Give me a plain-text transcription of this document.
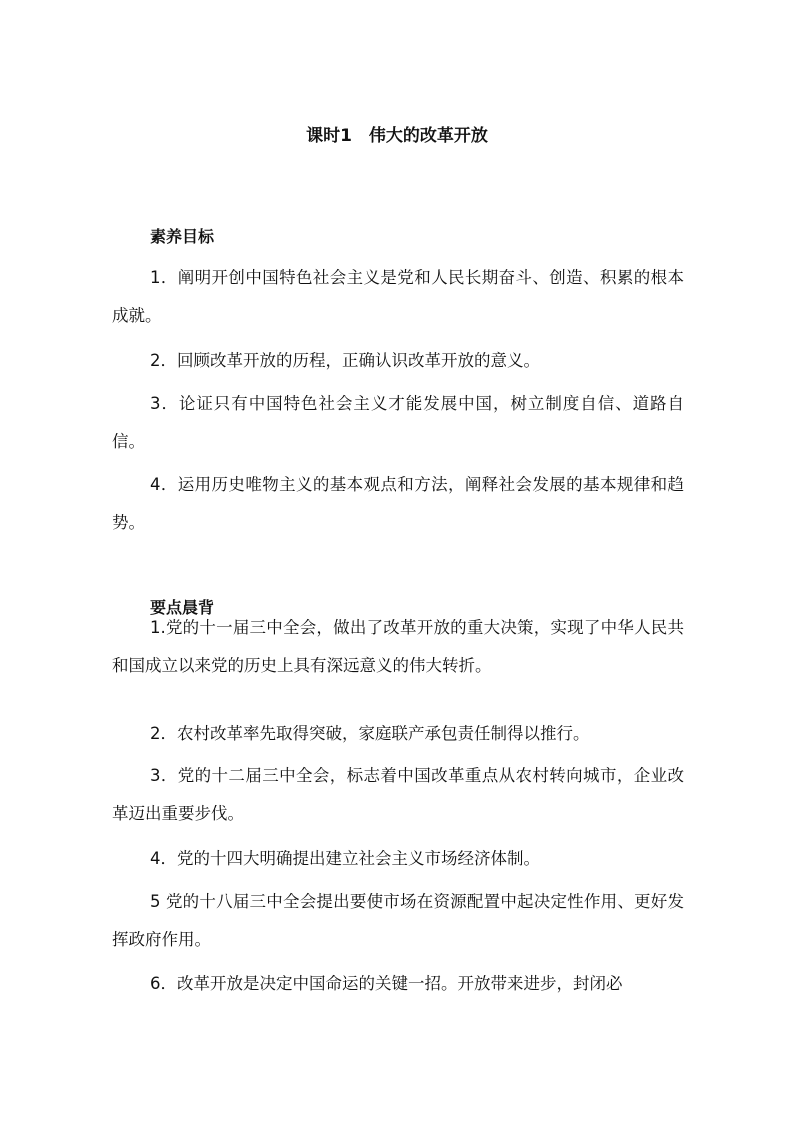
课时1　伟大的改革开放
素养目标
1．阐明开创中国特色社会主义是党和人民长期奋斗、创造、积累的根本成就。
2．回顾改革开放的历程，正确认识改革开放的意义。
3．论证只有中国特色社会主义才能发展中国，树立制度自信、道路自信。
4．运用历史唯物主义的基本观点和方法，阐释社会发展的基本规律和趋势。
要点晨背
1.党的十一届三中全会，做出了改革开放的重大决策，实现了中华人民共和国成立以来党的历史上具有深远意义的伟大转折。
2．农村改革率先取得突破，家庭联产承包责任制得以推行。
3．党的十二届三中全会，标志着中国改革重点从农村转向城市，企业改革迈出重要步伐。
4．党的十四大明确提出建立社会主义市场经济体制。
5 党的十八届三中全会提出要使市场在资源配置中起决定性作用、更好发挥政府作用。
6．改革开放是决定中国命运的关键一招。开放带来进步，封闭必
